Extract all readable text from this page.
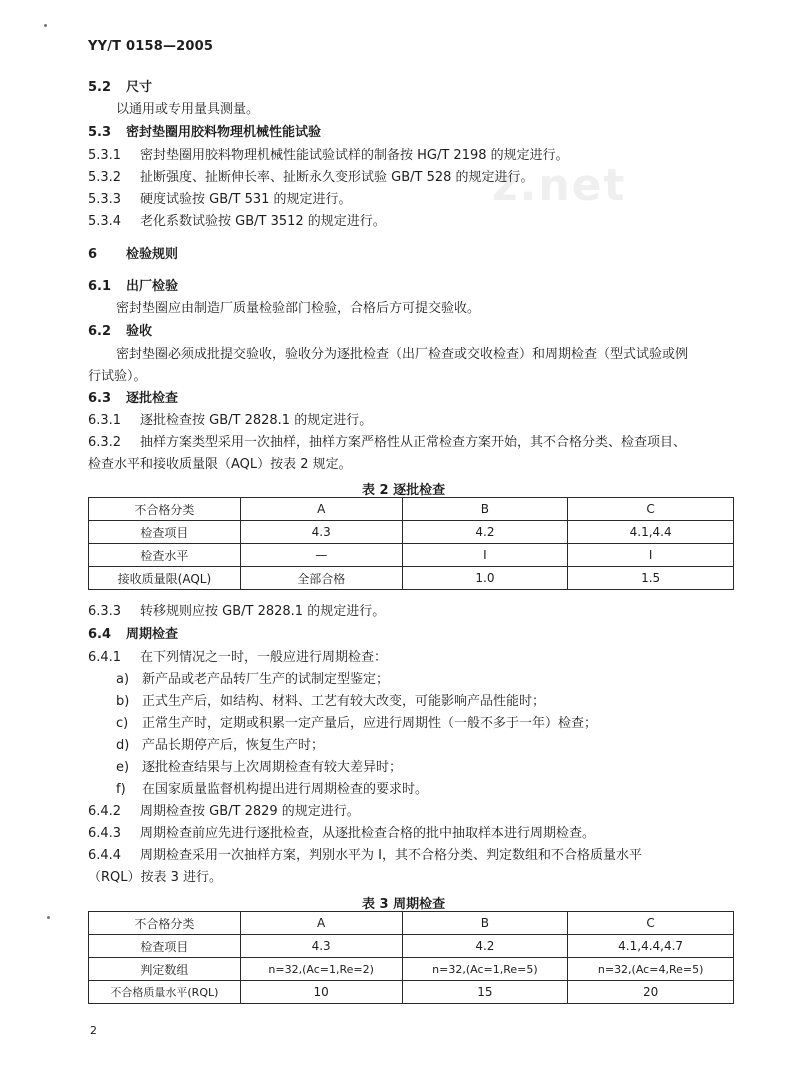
YY/T 0158—2005
z.net
5.2 尺寸
以通用或专用量具测量。
5.3 密封垫圈用胶料物理机械性能试验
5.3.1 密封垫圈用胶料物理机械性能试验试样的制备按 HG/T 2198 的规定进行。
5.3.2 扯断强度、扯断伸长率、扯断永久变形试验 GB/T 528 的规定进行。
5.3.3 硬度试验按 GB/T 531 的规定进行。
5.3.4 老化系数试验按 GB/T 3512 的规定进行。
6 检验规则
6.1 出厂检验
密封垫圈应由制造厂质量检验部门检验，合格后方可提交验收。
6.2 验收
密封垫圈必须成批提交验收，验收分为逐批检查（出厂检查或交收检查）和周期检查（型式试验或例
行试验）。
6.3 逐批检查
6.3.1 逐批检查按 GB/T 2828.1 的规定进行。
6.3.2 抽样方案类型采用一次抽样，抽样方案严格性从正常检查方案开始，其不合格分类、检查项目、
检查水平和接收质量限（AQL）按表 2 规定。
表 2 逐批检查
不合格分类	A	B	C
检查项目	4.3	4.2	4.1,4.4
检查水平	—	Ⅰ	Ⅰ
接收质量限(AQL)	全部合格	1.0	1.5
6.3.3 转移规则应按 GB/T 2828.1 的规定进行。
6.4 周期检查
6.4.1 在下列情况之一时，一般应进行周期检查：
a) 新产品或老产品转厂生产的试制定型鉴定；
b) 正式生产后，如结构、材料、工艺有较大改变，可能影响产品性能时；
c) 正常生产时，定期或积累一定产量后，应进行周期性（一般不多于一年）检查；
d) 产品长期停产后，恢复生产时；
e) 逐批检查结果与上次周期检查有较大差异时；
f) 在国家质量监督机构提出进行周期检查的要求时。
6.4.2 周期检查按 GB/T 2829 的规定进行。
6.4.3 周期检查前应先进行逐批检查，从逐批检查合格的批中抽取样本进行周期检查。
6.4.4 周期检查采用一次抽样方案，判别水平为 Ⅰ，其不合格分类、判定数组和不合格质量水平
（RQL）按表 3 进行。
表 3 周期检查
不合格分类	A	B	C
检查项目	4.3	4.2	4.1,4.4,4.7
判定数组	n=32,(Ac=1,Re=2)	n=32,(Ac=1,Re=5)	n=32,(Ac=4,Re=5)
不合格质量水平(RQL)	10	15	20
2
